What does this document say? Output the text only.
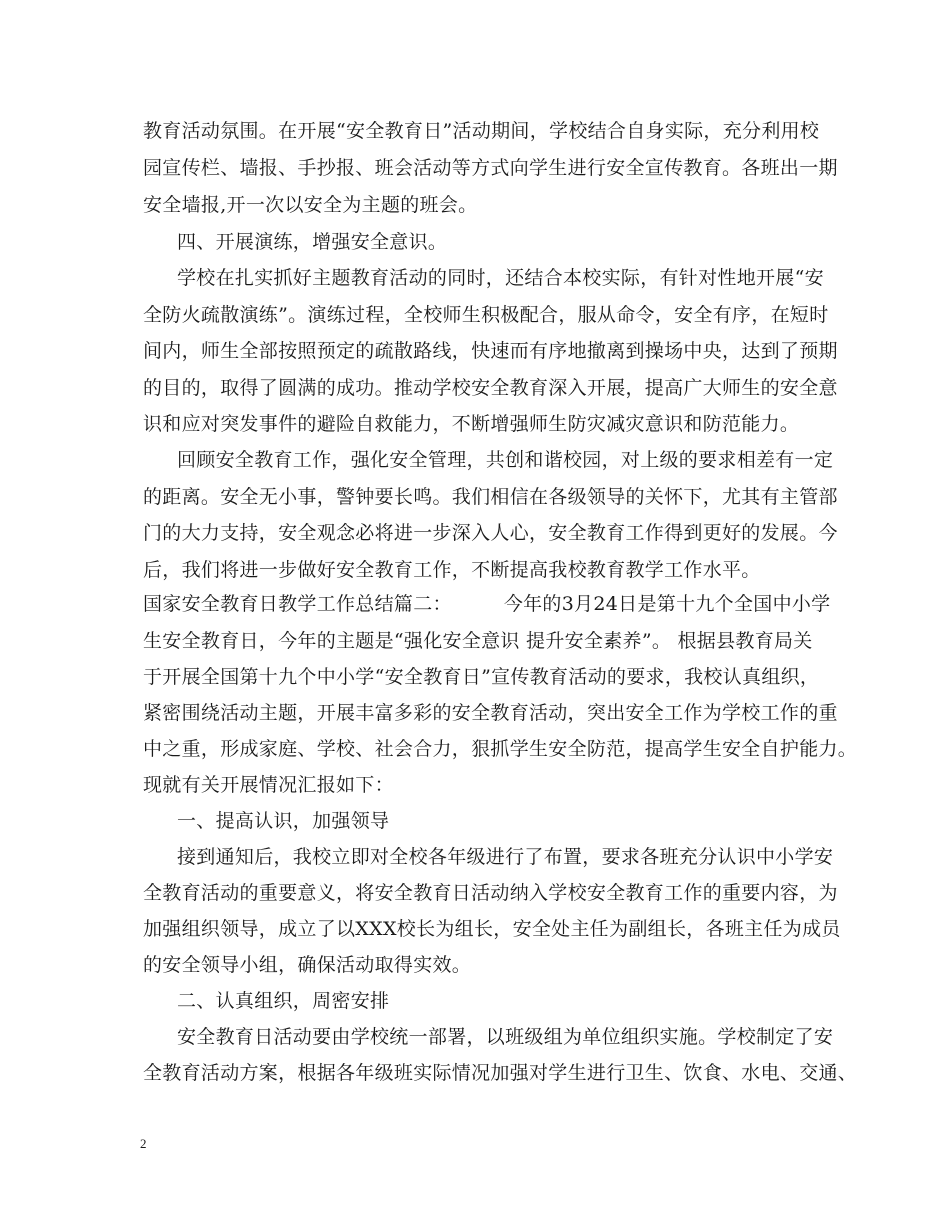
教育活动氛围。在开展“安全教育日”活动期间，学校结合自身实际，充分利用校
园宣传栏、墙报、手抄报、班会活动等方式向学生进行安全宣传教育。各班出一期
安全墙报,开一次以安全为主题的班会。
四、开展演练，增强安全意识。
学校在扎实抓好主题教育活动的同时，还结合本校实际，有针对性地开展“安
全防火疏散演练”。演练过程，全校师生积极配合，服从命令，安全有序，在短时
间内，师生全部按照预定的疏散路线，快速而有序地撤离到操场中央，达到了预期
的目的，取得了圆满的成功。推动学校安全教育深入开展，提高广大师生的安全意
识和应对突发事件的避险自救能力，不断增强师生防灾减灾意识和防范能力。
回顾安全教育工作，强化安全管理，共创和谐校园，对上级的要求相差有一定
的距离。安全无小事，警钟要长鸣。我们相信在各级领导的关怀下，尤其有主管部
门的大力支持，安全观念必将进一步深入人心，安全教育工作得到更好的发展。今
后，我们将进一步做好安全教育工作，不断提高我校教育教学工作水平。
国家安全教育日教学工作总结篇二：	今年的3月24日是第十九个全国中小学
生安全教育日，今年的主题是“强化安全意识 提升安全素养”。 根据县教育局关
于开展全国第十九个中小学“安全教育日”宣传教育活动的要求，我校认真组织，
紧密围绕活动主题，开展丰富多彩的安全教育活动，突出安全工作为学校工作的重
中之重，形成家庭、学校、社会合力，狠抓学生安全防范，提高学生安全自护能力。
现就有关开展情况汇报如下：
一、提高认识，加强领导
接到通知后，我校立即对全校各年级进行了布置，要求各班充分认识中小学安
全教育活动的重要意义，将安全教育日活动纳入学校安全教育工作的重要内容，为
加强组织领导，成立了以XXX校长为组长，安全处主任为副组长，各班主任为成员
的安全领导小组，确保活动取得实效。
二、认真组织，周密安排
安全教育日活动要由学校统一部署，以班级组为单位组织实施。学校制定了安
全教育活动方案，根据各年级班实际情况加强对学生进行卫生、饮食、水电、交通、
2
